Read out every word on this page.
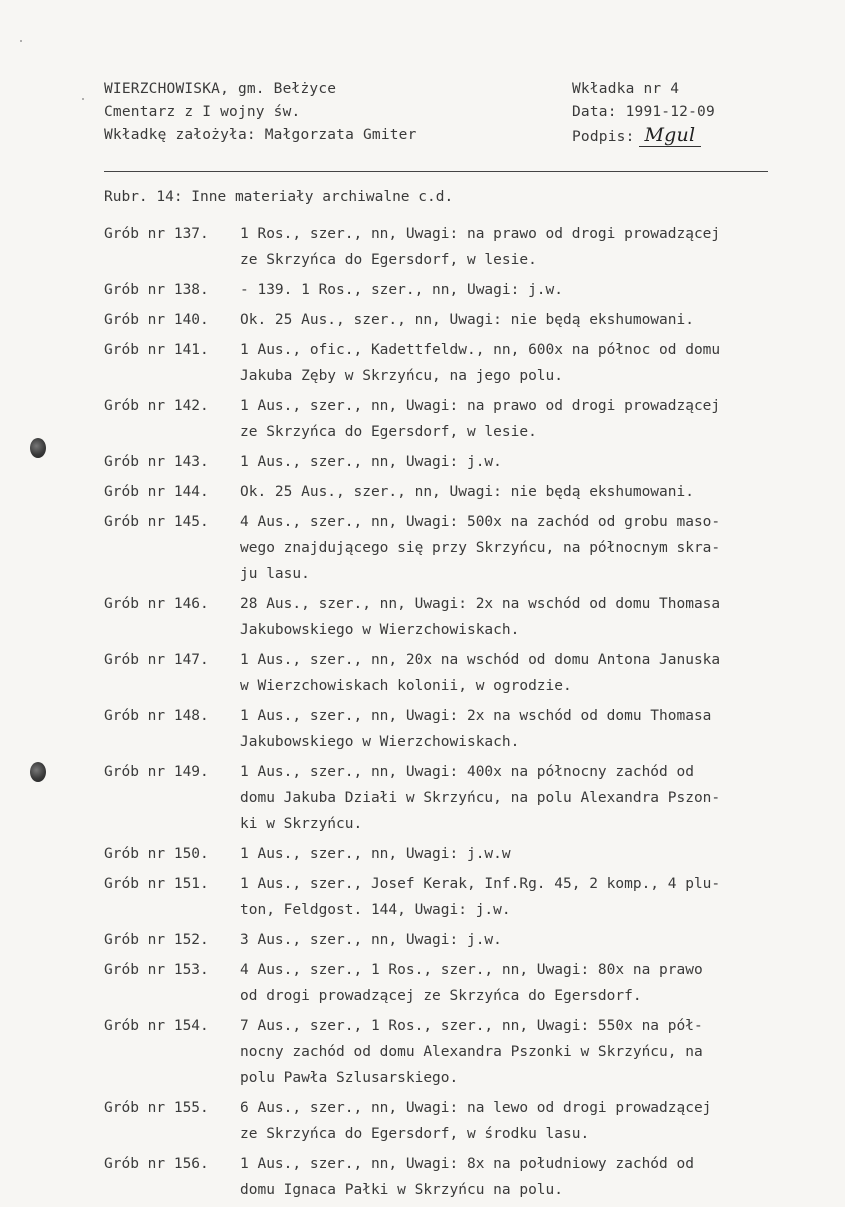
WIERZCHOWISKA, gm. Bełżyce
Cmentarz z I wojny św.
Wkładkę założyła: Małgorzata Gmiter
Wkładka nr 4
Data: 1991-12-09
Podpis: Mgul
Rubr. 14: Inne materiały archiwalne c.d.
Grób nr 137.	1 Ros., szer., nn, Uwagi: na prawo od drogi prowadzącej
ze Skrzyńca do Egersdorf, w lesie.
Grób nr 138.	- 139. 1 Ros., szer., nn, Uwagi: j.w.
Grób nr 140.	Ok. 25 Aus., szer., nn, Uwagi: nie będą ekshumowani.
Grób nr 141.	1 Aus., ofic., Kadettfeldw., nn, 600x na północ od domu
Jakuba Zęby w Skrzyńcu, na jego polu.
Grób nr 142.	1 Aus., szer., nn, Uwagi: na prawo od drogi prowadzącej
ze Skrzyńca do Egersdorf, w lesie.
Grób nr 143.	1 Aus., szer., nn, Uwagi: j.w.
Grób nr 144.	Ok. 25 Aus., szer., nn, Uwagi: nie będą ekshumowani.
Grób nr 145.	4 Aus., szer., nn, Uwagi: 500x na zachód od grobu maso-
wego znajdującego się przy Skrzyńcu, na północnym skra-
ju lasu.
Grób nr 146.	28 Aus., szer., nn, Uwagi: 2x na wschód od domu Thomasa
Jakubowskiego w Wierzchowiskach.
Grób nr 147.	1 Aus., szer., nn, 20x na wschód od domu Antona Januska
w Wierzchowiskach kolonii, w ogrodzie.
Grób nr 148.	1 Aus., szer., nn, Uwagi: 2x na wschód od domu Thomasa
Jakubowskiego w Wierzchowiskach.
Grób nr 149.	1 Aus., szer., nn, Uwagi: 400x na północny zachód od
domu Jakuba Działi w Skrzyńcu, na polu Alexandra Pszon-
ki w Skrzyńcu.
Grób nr 150.	1 Aus., szer., nn, Uwagi: j.w.w
Grób nr 151.	1 Aus., szer., Josef Kerak, Inf.Rg. 45, 2 komp., 4 plu-
ton, Feldgost. 144, Uwagi: j.w.
Grób nr 152.	3 Aus., szer., nn, Uwagi: j.w.
Grób nr 153.	4 Aus., szer., 1 Ros., szer., nn, Uwagi: 80x na prawo
od drogi prowadzącej ze Skrzyńca do Egersdorf.
Grób nr 154.	7 Aus., szer., 1 Ros., szer., nn, Uwagi: 550x na pół-
nocny zachód od domu Alexandra Pszonki w Skrzyńcu, na
polu Pawła Szlusarskiego.
Grób nr 155.	6 Aus., szer., nn, Uwagi: na lewo od drogi prowadzącej
ze Skrzyńca do Egersdorf, w środku lasu.
Grób nr 156.	1 Aus., szer., nn, Uwagi: 8x na południowy zachód od
domu Ignaca Pałki w Skrzyńcu na polu.
